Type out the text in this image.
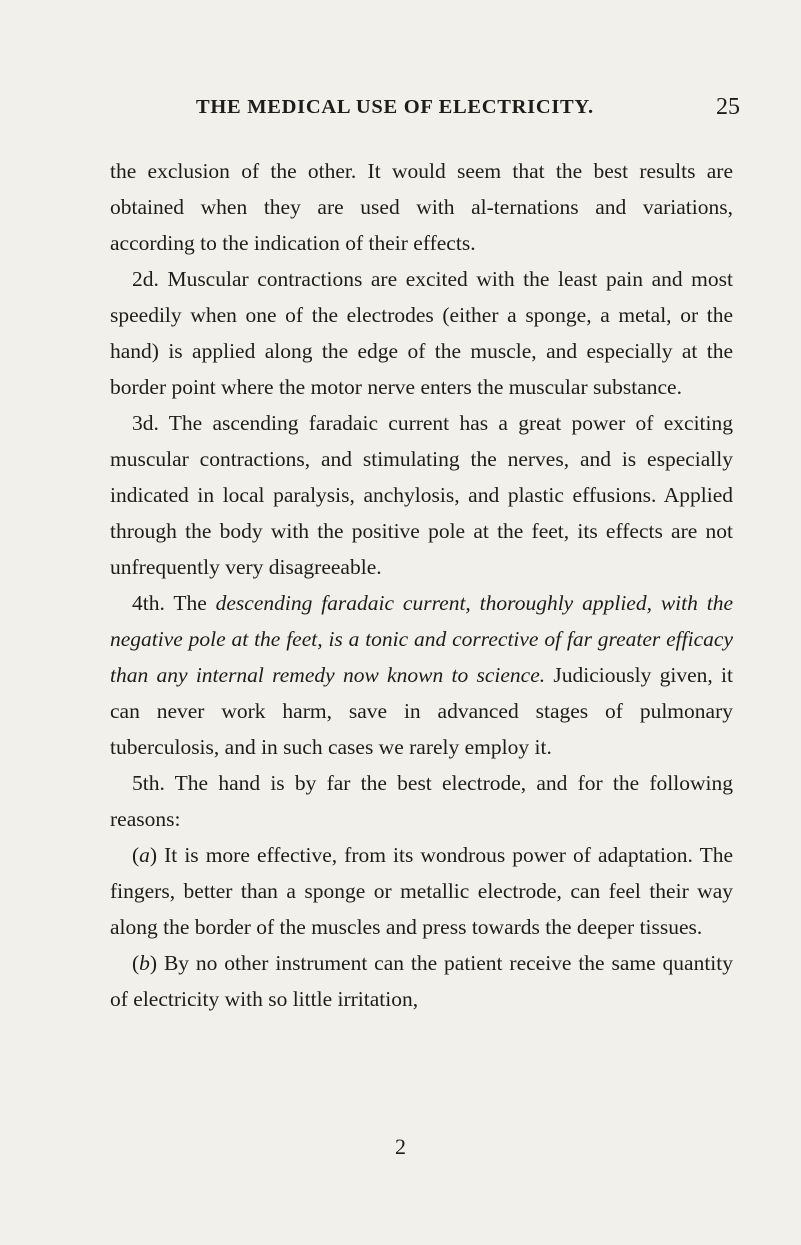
THE MEDICAL USE OF ELECTRICITY.	25

the exclusion of the other. It would seem that the best results are obtained when they are used with al-ternations and variations, according to the indication of their effects.

2d. Muscular contractions are excited with the least pain and most speedily when one of the electrodes (either a sponge, a metal, or the hand) is applied along the edge of the muscle, and especially at the border point where the motor nerve enters the muscular substance.

3d. The ascending faradaic current has a great power of exciting muscular contractions, and stimulating the nerves, and is especially indicated in local paralysis, anchylosis, and plastic effusions. Applied through the body with the positive pole at the feet, its effects are not unfrequently very disagreeable.

4th. The descending faradaic current, thoroughly applied, with the negative pole at the feet, is a tonic and corrective of far greater efficacy than any internal remedy now known to science. Judiciously given, it can never work harm, save in advanced stages of pulmonary tuberculosis, and in such cases we rarely employ it.

5th. The hand is by far the best electrode, and for the following reasons:

(a) It is more effective, from its wondrous power of adaptation. The fingers, better than a sponge or metallic electrode, can feel their way along the border of the muscles and press towards the deeper tissues.

(b) By no other instrument can the patient receive the same quantity of electricity with so little irritation,

2
